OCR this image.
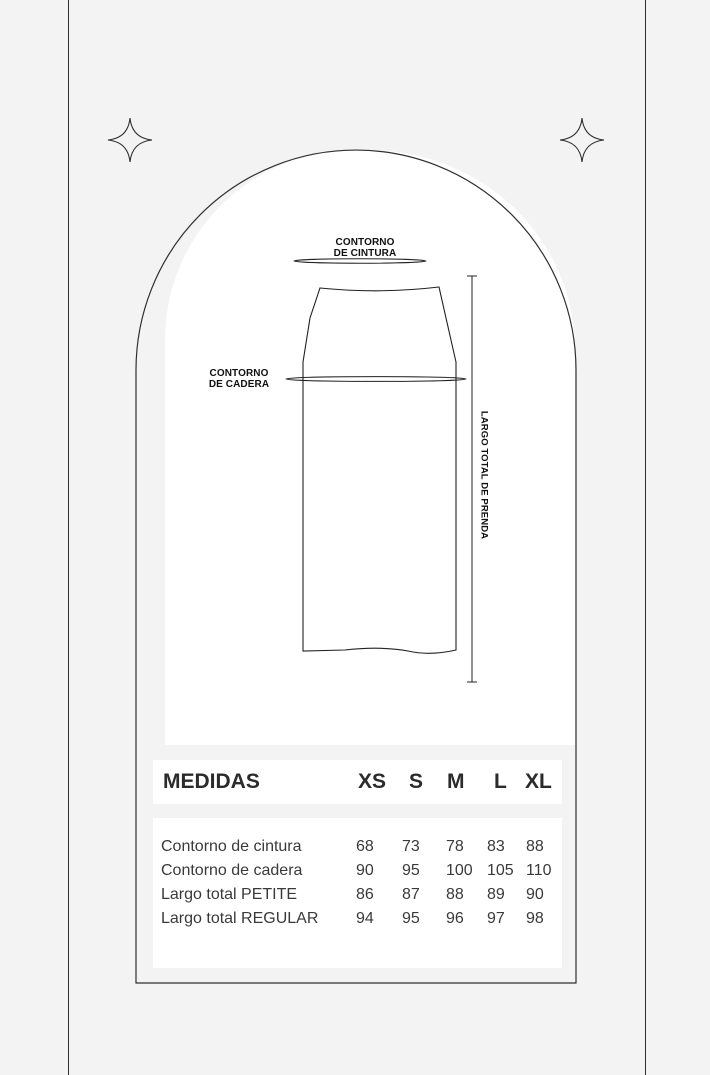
CONTORNO
DE CINTURA
CONTORNO
DE CADERA
LARGO TOTAL DE PRENDA
MEDIDAS	XS S M L XL
Contorno de cintura	68 73 78 83 88
Contorno de cadera	90 95 100 105 110
Largo total PETITE	86 87 88 89 90
Largo total REGULAR 94 95 96 97 98
